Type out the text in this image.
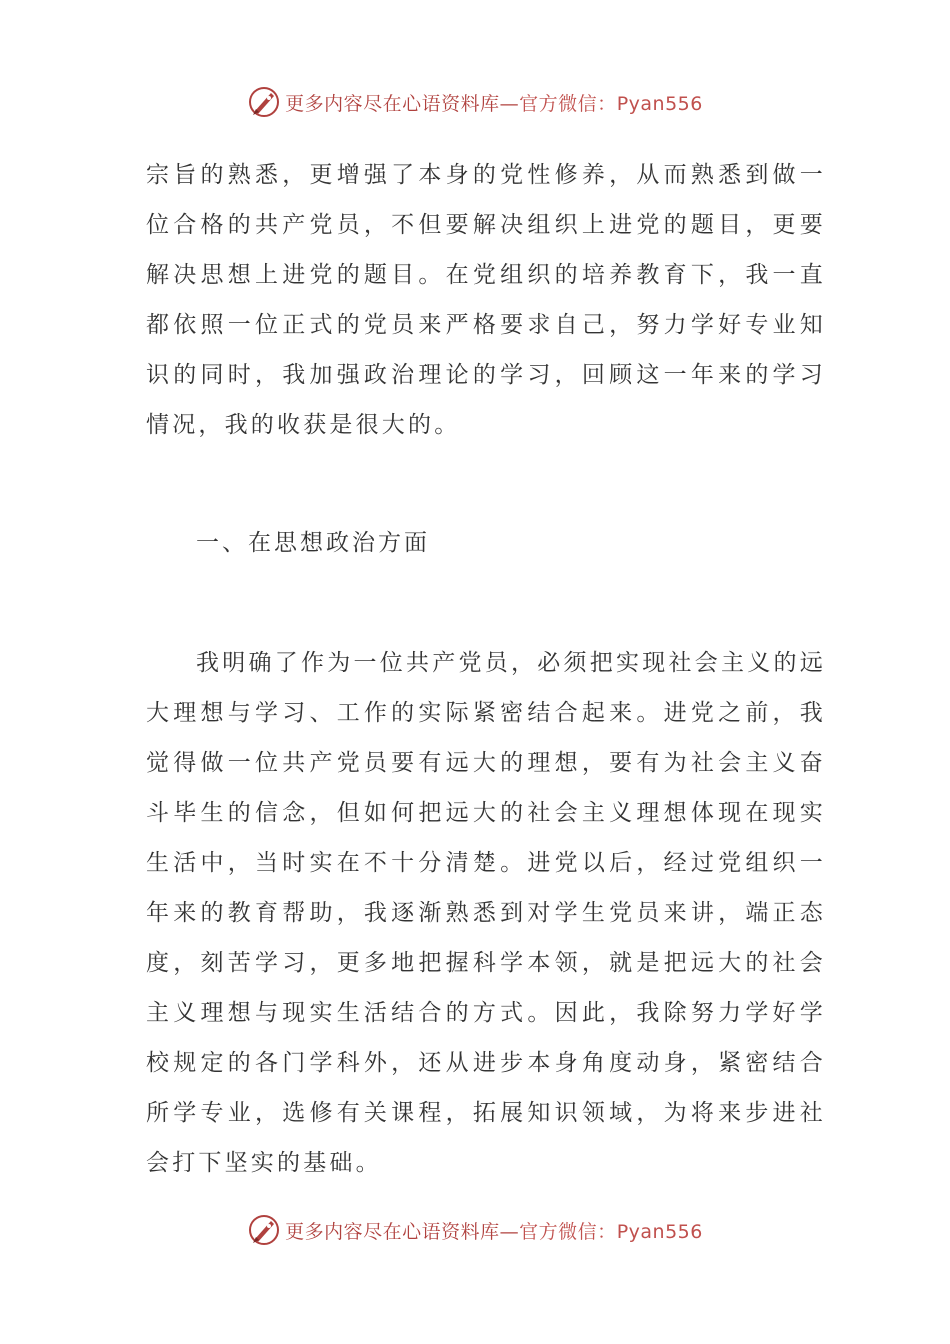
更多内容尽在心语资料库—官方微信：Pyan556

宗旨的熟悉，更增强了本身的党性修养，从而熟悉到做一位合格的共产党员，不但要解决组织上进党的题目，更要解决思想上进党的题目。在党组织的培养教育下，我一直都依照一位正式的党员来严格要求自己，努力学好专业知识的同时，我加强政治理论的学习，回顾这一年来的学习情况，我的收获是很大的。

一、在思想政治方面

我明确了作为一位共产党员，必须把实现社会主义的远大理想与学习、工作的实际紧密结合起来。进党之前，我觉得做一位共产党员要有远大的理想，要有为社会主义奋斗毕生的信念，但如何把远大的社会主义理想体现在现实生活中，当时实在不十分清楚。进党以后，经过党组织一年来的教育帮助，我逐渐熟悉到对学生党员来讲，端正态度，刻苦学习，更多地把握科学本领，就是把远大的社会主义理想与现实生活结合的方式。因此，我除努力学好学校规定的各门学科外，还从进步本身角度动身，紧密结合所学专业，选修有关课程，拓展知识领域，为将来步进社会打下坚实的基础。

更多内容尽在心语资料库—官方微信：Pyan556
